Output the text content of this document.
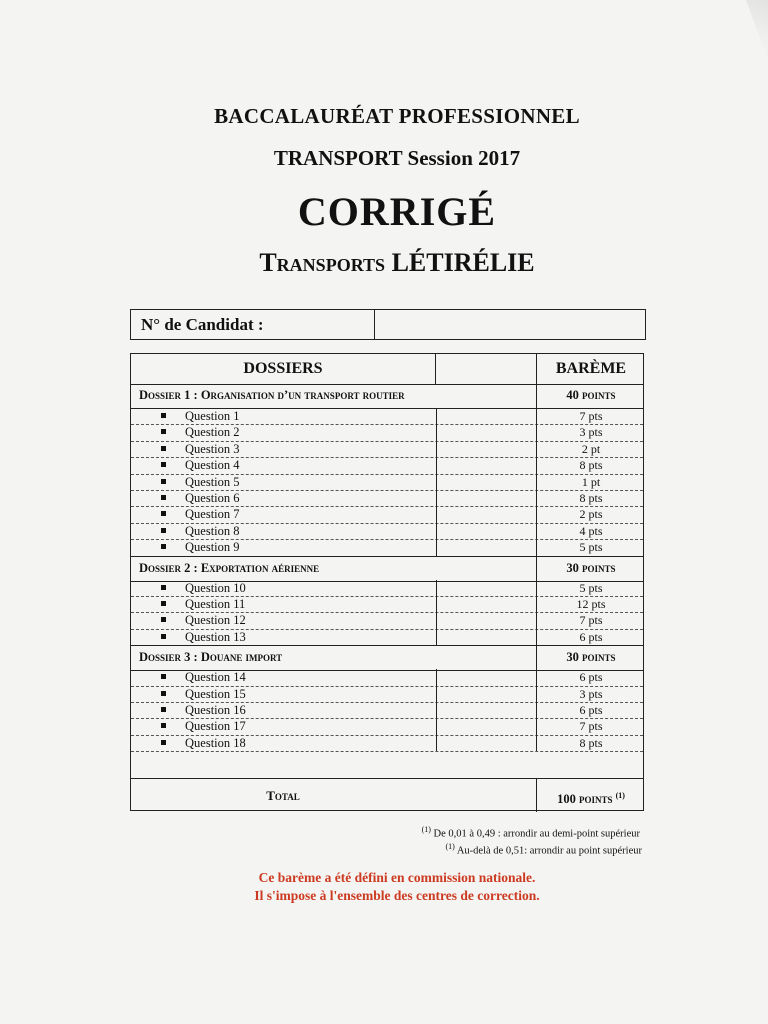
BACCALAURÉAT PROFESSIONNEL
TRANSPORT Session 2017
CORRIGÉ
Transports LÉTIRÉLIE
N° de Candidat :
DOSSIERS	BARÈME
Dossier 1 : Organisation d’un transport routier	40 points
Question 1	7 pts
Question 2	3 pts
Question 3	2 pt
Question 4	8 pts
Question 5	1 pt
Question 6	8 pts
Question 7	2 pts
Question 8	4 pts
Question 9	5 pts
Dossier 2 : Exportation aérienne	30 points
Question 10	5 pts
Question 11	12 pts
Question 12	7 pts
Question 13	6 pts
Dossier 3 : Douane import	30 points
Question 14	6 pts
Question 15	3 pts
Question 16	6 pts
Question 17	7 pts
Question 18	8 pts
Total	100 points $^{(1)}$
$^{(1)}$ De 0,01 à 0,49 : arrondir au demi-point supérieur
$^{(1)}$ Au-delà de 0,51: arrondir au point supérieur
Ce barème a été défini en commission nationale.
Il s'impose à l'ensemble des centres de correction.
